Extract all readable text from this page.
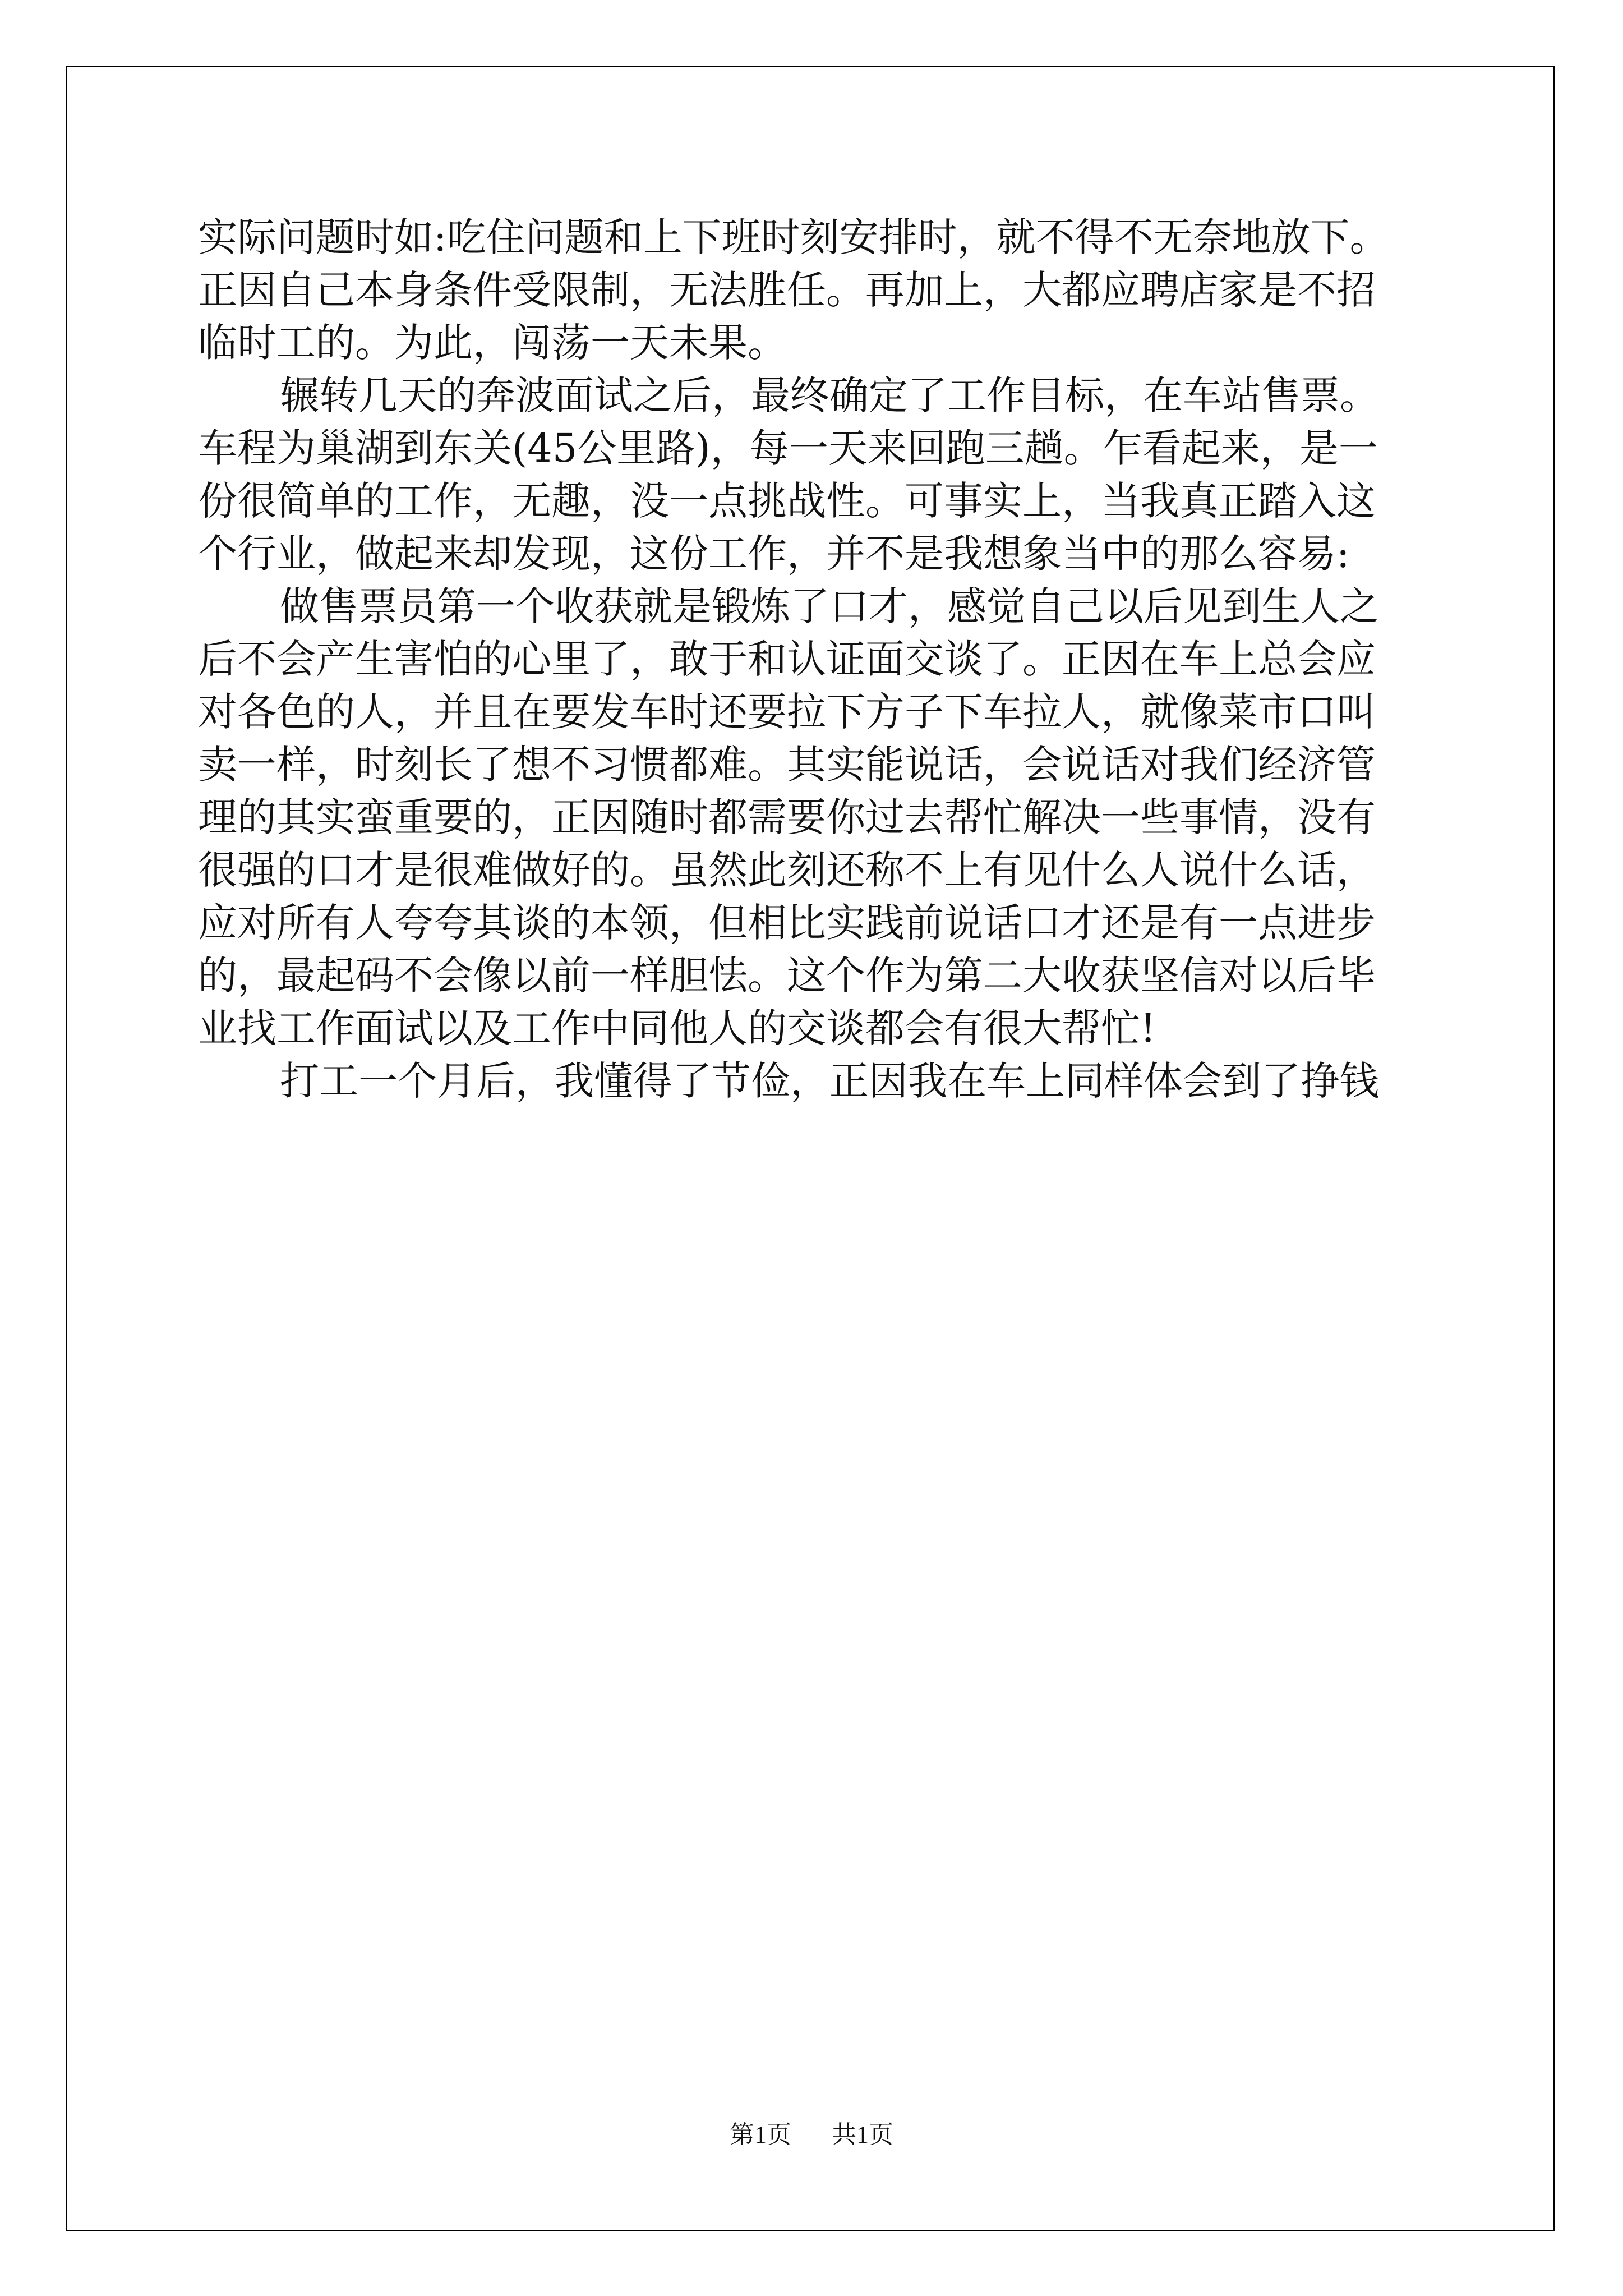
实际问题时如:吃住问题和上下班时刻安排时，就不得不无奈地放下。
正因自己本身条件受限制，无法胜任。再加上，大都应聘店家是不招
临时工的。为此，闯荡一天未果。
辗转几天的奔波面试之后，最终确定了工作目标，在车站售票。
车程为巢湖到东关(45公里路)，每一天来回跑三趟。乍看起来，是一
份很简单的工作，无趣，没一点挑战性。可事实上，当我真正踏入这
个行业，做起来却发现，这份工作，并不是我想象当中的那么容易:
做售票员第一个收获就是锻炼了口才，感觉自己以后见到生人之
后不会产生害怕的心里了，敢于和认证面交谈了。正因在车上总会应
对各色的人，并且在要发车时还要拉下方子下车拉人，就像菜市口叫
卖一样，时刻长了想不习惯都难。其实能说话，会说话对我们经济管
理的其实蛮重要的，正因随时都需要你过去帮忙解决一些事情，没有
很强的口才是很难做好的。虽然此刻还称不上有见什么人说什么话，
应对所有人夸夸其谈的本领，但相比实践前说话口才还是有一点进步
的，最起码不会像以前一样胆怯。这个作为第二大收获坚信对以后毕
业找工作面试以及工作中同他人的交谈都会有很大帮忙!
打工一个月后，我懂得了节俭，正因我在车上同样体会到了挣钱
第1页 共1页
